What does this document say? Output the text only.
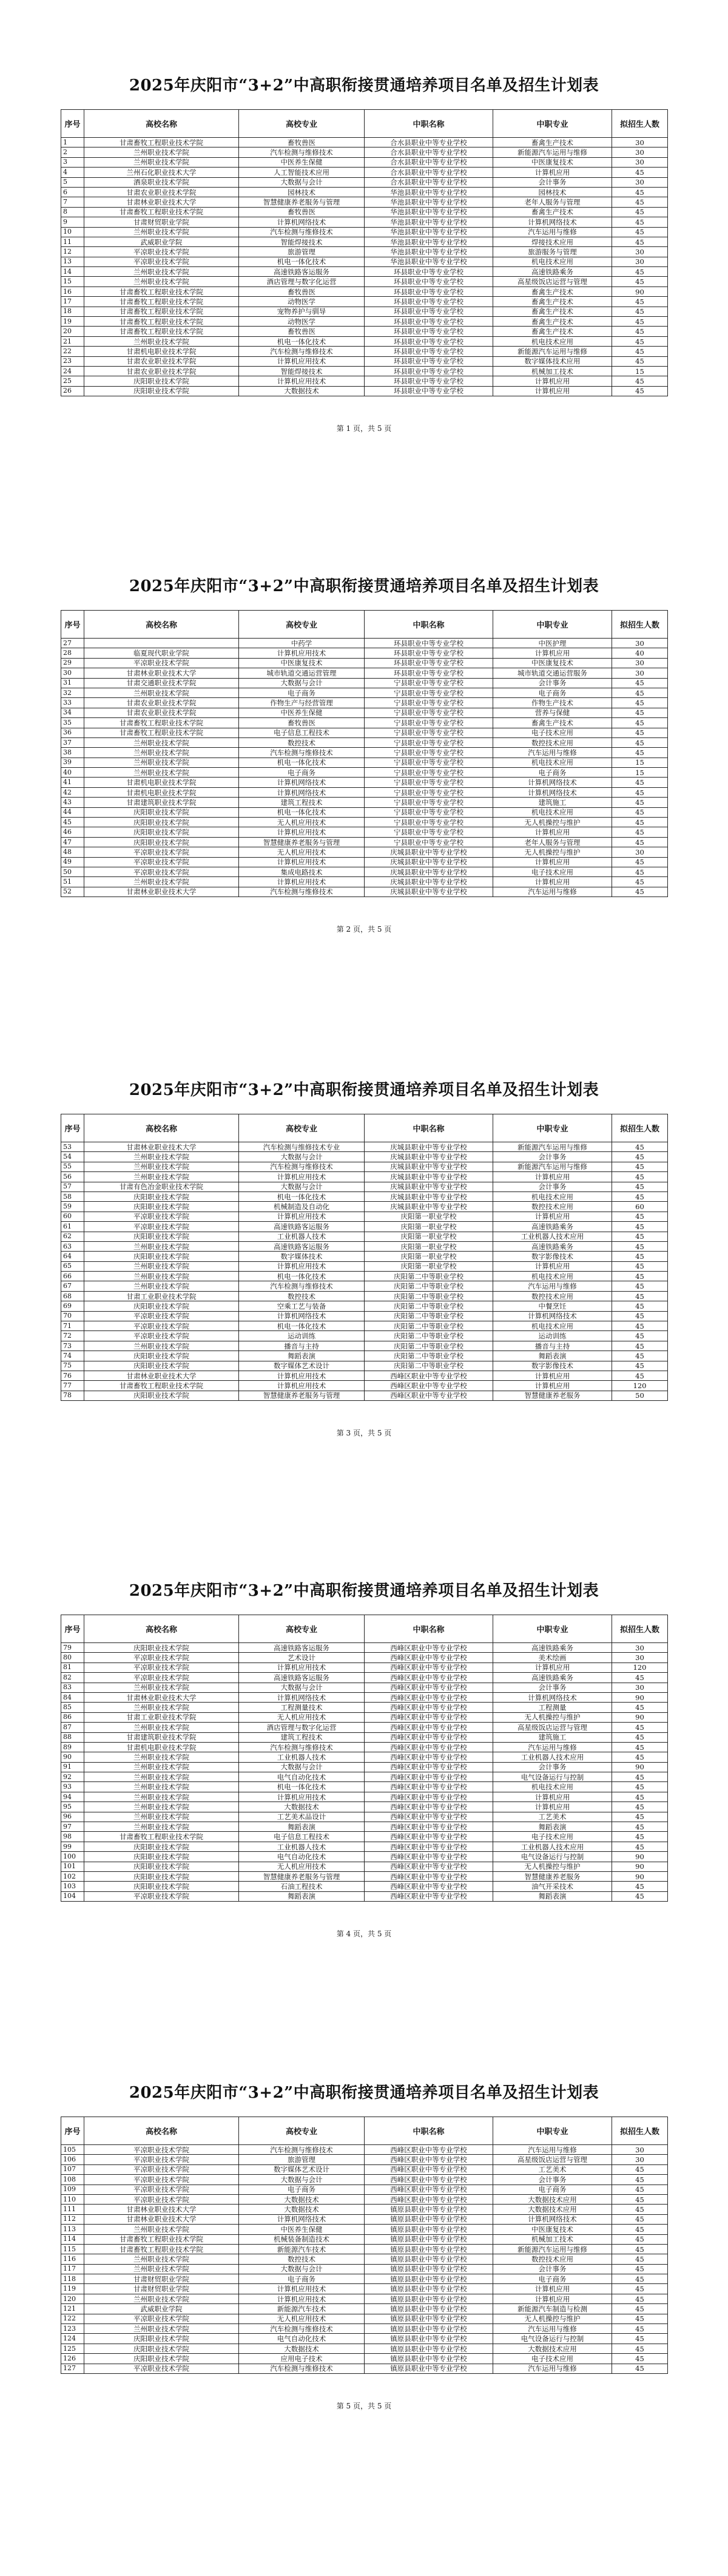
2025年庆阳市“3+2”中高职衔接贯通培养项目名单及招生计划表
序号	高校名称	高校专业	中职名称	中职专业	拟招生人数
1	甘肃畜牧工程职业技术学院	畜牧兽医	合水县职业中等专业学校	畜禽生产技术	30
2	兰州职业技术学院	汽车检测与维修技术	合水县职业中等专业学校	新能源汽车运用与维修	30
3	兰州职业技术学院	中医养生保健	合水县职业中等专业学校	中医康复技术	30
4	兰州石化职业技术大学	人工智能技术应用	合水县职业中等专业学校	计算机应用	45
5	酒泉职业技术学院	大数据与会计	合水县职业中等专业学校	会计事务	30
6	甘肃农业职业技术学院	园林技术	华池县职业中等专业学校	园林技术	45
7	甘肃林业职业技术大学	智慧健康养老服务与管理	华池县职业中等专业学校	老年人服务与管理	45
8	甘肃畜牧工程职业技术学院	畜牧兽医	华池县职业中等专业学校	畜禽生产技术	45
9	甘肃财贸职业学院	计算机网络技术	华池县职业中等专业学校	计算机网络技术	45
10	兰州职业技术学院	汽车检测与维修技术	华池县职业中等专业学校	汽车运用与维修	45
11	武威职业学院	智能焊接技术	华池县职业中等专业学校	焊接技术应用	45
12	平凉职业技术学院	旅游管理	华池县职业中等专业学校	旅游服务与管理	30
13	平凉职业技术学院	机电一体化技术	华池县职业中等专业学校	机电技术应用	30
14	兰州职业技术学院	高速铁路客运服务	环县职业中等专业学校	高速铁路乘务	45
15	兰州职业技术学院	酒店管理与数字化运营	环县职业中等专业学校	高星级饭店运营与管理	45
16	甘肃畜牧工程职业技术学院	畜牧兽医	环县职业中等专业学校	畜禽生产技术	90
17	甘肃畜牧工程职业技术学院	动物医学	环县职业中等专业学校	畜禽生产技术	45
18	甘肃畜牧工程职业技术学院	宠物养护与驯导	环县职业中等专业学校	畜禽生产技术	45
19	甘肃畜牧工程职业技术学院	动物医学	环县职业中等专业学校	畜禽生产技术	45
20	甘肃畜牧工程职业技术学院	畜牧兽医	环县职业中等专业学校	畜禽生产技术	45
21	兰州职业技术学院	机电一体化技术	环县职业中等专业学校	机电技术应用	45
22	甘肃机电职业技术学院	汽车检测与维修技术	环县职业中等专业学校	新能源汽车运用与维修	45
23	甘肃农业职业技术学院	计算机应用技术	环县职业中等专业学校	数字媒体技术应用	45
24	甘肃农业职业技术学院	智能焊接技术	环县职业中等专业学校	机械加工技术	15
25	庆阳职业技术学院	计算机应用技术	环县职业中等专业学校	计算机应用	45
26	庆阳职业技术学院	大数据技术	环县职业中等专业学校	计算机应用	45
第 1 页，共 5 页
2025年庆阳市“3+2”中高职衔接贯通培养项目名单及招生计划表
序号	高校名称	高校专业	中职名称	中职专业	拟招生人数
27		中药学	环县职业中等专业学校	中医护理	30
28	临夏现代职业学院	计算机应用技术	环县职业中等专业学校	计算机应用	40
29	平凉职业技术学院	中医康复技术	环县职业中等专业学校	中医康复技术	30
30	甘肃林业职业技术大学	城市轨道交通运营管理	环县职业中等专业学校	城市轨道交通运营服务	30
31	甘肃交通职业技术学院	大数据与会计	宁县职业中等专业学校	会计事务	45
32	兰州职业技术学院	电子商务	宁县职业中等专业学校	电子商务	45
33	甘肃农业职业技术学院	作物生产与经营管理	宁县职业中等专业学校	作物生产技术	45
34	甘肃农业职业技术学院	中医养生保健	宁县职业中等专业学校	营养与保健	45
35	甘肃畜牧工程职业技术学院	畜牧兽医	宁县职业中等专业学校	畜禽生产技术	45
36	甘肃畜牧工程职业技术学院	电子信息工程技术	宁县职业中等专业学校	电子技术应用	45
37	兰州职业技术学院	数控技术	宁县职业中等专业学校	数控技术应用	45
38	兰州职业技术学院	汽车检测与维修技术	宁县职业中等专业学校	汽车运用与维修	45
39	兰州职业技术学院	机电一体化技术	宁县职业中等专业学校	机电技术应用	15
40	兰州职业技术学院	电子商务	宁县职业中等专业学校	电子商务	15
41	甘肃机电职业技术学院	计算机网络技术	宁县职业中等专业学校	计算机网络技术	45
42	甘肃机电职业技术学院	计算机网络技术	宁县职业中等专业学校	计算机网络技术	45
43	甘肃建筑职业技术学院	建筑工程技术	宁县职业中等专业学校	建筑施工	45
44	庆阳职业技术学院	机电一体化技术	宁县职业中等专业学校	机电技术应用	45
45	庆阳职业技术学院	无人机应用技术	宁县职业中等专业学校	无人机操控与维护	45
46	庆阳职业技术学院	计算机应用技术	宁县职业中等专业学校	计算机应用	45
47	庆阳职业技术学院	智慧健康养老服务与管理	宁县职业中等专业学校	老年人服务与管理	45
48	平凉职业技术学院	无人机应用技术	庆城县职业中等专业学校	无人机操控与维护	30
49	平凉职业技术学院	计算机应用技术	庆城县职业中等专业学校	计算机应用	45
50	平凉职业技术学院	集成电路技术	庆城县职业中等专业学校	电子技术应用	45
51	兰州职业技术学院	计算机应用技术	庆城县职业中等专业学校	计算机应用	45
52	甘肃林业职业技术大学	汽车检测与维修技术	庆城县职业中等专业学校	汽车运用与维修	45
第 2 页，共 5 页
2025年庆阳市“3+2”中高职衔接贯通培养项目名单及招生计划表
序号	高校名称	高校专业	中职名称	中职专业	拟招生人数
53	甘肃林业职业技术大学	汽车检测与维修技术专业	庆城县职业中等专业学校	新能源汽车运用与维修	45
54	兰州职业技术学院	大数据与会计	庆城县职业中等专业学校	会计事务	45
55	兰州职业技术学院	汽车检测与维修技术	庆城县职业中等专业学校	新能源汽车运用与维修	45
56	兰州职业技术学院	计算机应用技术	庆城县职业中等专业学校	计算机应用	45
57	甘肃有色冶金职业技术学院	大数据与会计	庆城县职业中等专业学校	会计事务	45
58	庆阳职业技术学院	机电一体化技术	庆城县职业中等专业学校	机电技术应用	45
59	庆阳职业技术学院	机械制造及自动化	庆城县职业中等专业学校	数控技术应用	60
60	平凉职业技术学院	计算机应用技术	庆阳第一职业学校	计算机应用	45
61	平凉职业技术学院	高速铁路客运服务	庆阳第一职业学校	高速铁路乘务	45
62	庆阳职业技术学院	工业机器人技术	庆阳第一职业学校	工业机器人技术应用	45
63	兰州职业技术学院	高速铁路客运服务	庆阳第一职业学校	高速铁路乘务	45
64	庆阳职业技术学院	数字媒体技术	庆阳第一职业学校	数字影像技术	45
65	兰州职业技术学院	计算机应用技术	庆阳第一职业学校	计算机应用	45
66	兰州职业技术学院	机电一体化技术	庆阳第二中等职业学校	机电技术应用	45
67	兰州职业技术学院	汽车检测与维修技术	庆阳第二中等职业学校	汽车运用与维修	45
68	甘肃工业职业技术学院	数控技术	庆阳第二中等职业学校	数控技术应用	45
69	庆阳职业技术学院	空乘工艺与装备	庆阳第二中等职业学校	中餐烹饪	45
70	平凉职业技术学院	计算机网络技术	庆阳第二中等职业学校	计算机网络技术	45
71	平凉职业技术学院	机电一体化技术	庆阳第二中等职业学校	机电技术应用	45
72	平凉职业技术学院	运动训练	庆阳第二中等职业学校	运动训练	45
73	兰州职业技术学院	播音与主持	庆阳第二中等职业学校	播音与主持	45
74	庆阳职业技术学院	舞蹈表演	庆阳第二中等职业学校	舞蹈表演	45
75	庆阳职业技术学院	数字媒体艺术设计	庆阳第二中等职业学校	数字影像技术	45
76	甘肃林业职业技术大学	计算机应用技术	西峰区职业中等专业学校	计算机应用	45
77	甘肃畜牧工程职业技术学院	计算机应用技术	西峰区职业中等专业学校	计算机应用	120
78	庆阳职业技术学院	智慧健康养老服务与管理	西峰区职业中等专业学校	智慧健康养老服务	50
第 3 页，共 5 页
2025年庆阳市“3+2”中高职衔接贯通培养项目名单及招生计划表
序号	高校名称	高校专业	中职名称	中职专业	拟招生人数
79	庆阳职业技术学院	高速铁路客运服务	西峰区职业中等专业学校	高速铁路乘务	30
80	平凉职业技术学院	艺术设计	西峰区职业中等专业学校	美术绘画	30
81	平凉职业技术学院	计算机应用技术	西峰区职业中等专业学校	计算机应用	120
82	平凉职业技术学院	高速铁路客运服务	西峰区职业中等专业学校	高速铁路乘务	45
83	兰州职业技术学院	大数据与会计	西峰区职业中等专业学校	会计事务	30
84	甘肃林业职业技术大学	计算机网络技术	西峰区职业中等专业学校	计算机网络技术	90
85	兰州职业技术学院	工程测量技术	西峰区职业中等专业学校	工程测量	45
86	甘肃工业职业技术学院	无人机应用技术	西峰区职业中等专业学校	无人机操控与维护	90
87	兰州职业技术学院	酒店管理与数字化运营	西峰区职业中等专业学校	高星级饭店运营与管理	45
88	甘肃建筑职业技术学院	建筑工程技术	西峰区职业中等专业学校	建筑施工	45
89	甘肃机电职业技术学院	汽车检测与维修技术	西峰区职业中等专业学校	汽车运用与维修	45
90	兰州职业技术学院	工业机器人技术	西峰区职业中等专业学校	工业机器人技术应用	45
91	兰州职业技术学院	大数据与会计	西峰区职业中等专业学校	会计事务	90
92	兰州职业技术学院	电气自动化技术	西峰区职业中等专业学校	电气设备运行与控制	45
93	兰州职业技术学院	机电一体化技术	西峰区职业中等专业学校	机电技术应用	45
94	兰州职业技术学院	计算机应用技术	西峰区职业中等专业学校	计算机应用	45
95	兰州职业技术学院	大数据技术	西峰区职业中等专业学校	计算机应用	45
96	兰州职业技术学院	工艺美术品设计	西峰区职业中等专业学校	工艺美术	45
97	兰州职业技术学院	舞蹈表演	西峰区职业中等专业学校	舞蹈表演	45
98	甘肃畜牧工程职业技术学院	电子信息工程技术	西峰区职业中等专业学校	电子技术应用	45
99	庆阳职业技术学院	工业机器人技术	西峰区职业中等专业学校	工业机器人技术应用	45
100	庆阳职业技术学院	电气自动化技术	西峰区职业中等专业学校	电气设备运行与控制	90
101	庆阳职业技术学院	无人机应用技术	西峰区职业中等专业学校	无人机操控与维护	90
102	庆阳职业技术学院	智慧健康养老服务与管理	西峰区职业中等专业学校	智慧健康养老服务	90
103	庆阳职业技术学院	石油工程技术	西峰区职业中等专业学校	油气开采技术	45
104	平凉职业技术学院	舞蹈表演	西峰区职业中等专业学校	舞蹈表演	45
第 4 页，共 5 页
2025年庆阳市“3+2”中高职衔接贯通培养项目名单及招生计划表
序号	高校名称	高校专业	中职名称	中职专业	拟招生人数
105	平凉职业技术学院	汽车检测与维修技术	西峰区职业中等专业学校	汽车运用与维修	30
106	平凉职业技术学院	旅游管理	西峰区职业中等专业学校	高星级饭店运营与管理	30
107	平凉职业技术学院	数字媒体艺术设计	西峰区职业中等专业学校	工艺美术	45
108	平凉职业技术学院	大数据与会计	西峰区职业中等专业学校	会计事务	45
109	平凉职业技术学院	电子商务	西峰区职业中等专业学校	电子商务	45
110	平凉职业技术学院	大数据技术	西峰区职业中等专业学校	大数据技术应用	45
111	甘肃林业职业技术大学	大数据技术	镇原县职业中等专业学校	大数据技术应用	45
112	甘肃林业职业技术大学	计算机网络技术	镇原县职业中等专业学校	计算机网络技术	45
113	兰州职业技术学院	中医养生保健	镇原县职业中等专业学校	中医康复技术	45
114	甘肃畜牧工程职业技术学院	机械装备制造技术	镇原县职业中等专业学校	机械加工技术	45
115	甘肃畜牧工程职业技术学院	新能源汽车技术	镇原县职业中等专业学校	新能源汽车运用与维修	45
116	兰州职业技术学院	数控技术	镇原县职业中等专业学校	数控技术应用	45
117	兰州职业技术学院	大数据与会计	镇原县职业中等专业学校	会计事务	45
118	甘肃财贸职业学院	电子商务	镇原县职业中等专业学校	电子商务	45
119	甘肃财贸职业学院	计算机应用技术	镇原县职业中等专业学校	计算机应用	45
120	兰州职业技术学院	计算机应用技术	镇原县职业中等专业学校	计算机应用	45
121	武威职业学院	新能源汽车技术	镇原县职业中等专业学校	新能源汽车制造与检测	45
122	平凉职业技术学院	无人机应用技术	镇原县职业中等专业学校	无人机操控与维护	45
123	兰州职业技术学院	汽车检测与维修技术	镇原县职业中等专业学校	汽车运用与维修	45
124	庆阳职业技术学院	电气自动化技术	镇原县职业中等专业学校	电气设备运行与控制	45
125	庆阳职业技术学院	大数据技术	镇原县职业中等专业学校	大数据技术应用	45
126	庆阳职业技术学院	应用电子技术	镇原县职业中等专业学校	电子技术应用	45
127	平凉职业技术学院	汽车检测与维修技术	镇原县职业中等专业学校	汽车运用与维修	45
第 5 页，共 5 页
